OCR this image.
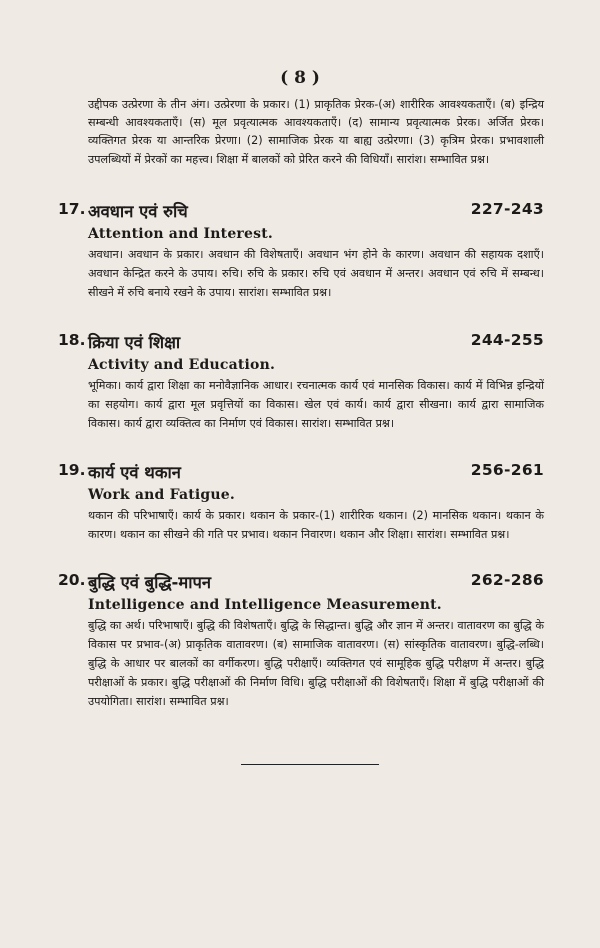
( 8 )
उद्दीपक उत्प्रेरणा के तीन अंग। उत्प्रेरणा के प्रकार। (1) प्राकृतिक प्रेरक-(अ) शारीरिक आवश्यकताएँ। (ब) इन्द्रिय सम्बन्धी आवश्यकताएँ। (स) मूल प्रवृत्यात्मक आवश्यकताएँ। (द) सामान्य प्रवृत्यात्मक प्रेरक। अर्जित प्रेरक। व्यक्तिगत प्रेरक या आन्तरिक प्रेरणा। (2) सामाजिक प्रेरक या बाह्य उत्प्रेरणा। (3) कृत्रिम प्रेरक। प्रभावशाली उपलब्धियों में प्रेरकों का महत्त्व। शिक्षा में बालकों को प्रेरित करने की विधियाँ। सारांश। सम्भावित प्रश्न।
17. अवधान एवं रुचि	227-243
Attention and Interest.
अवधान। अवधान के प्रकार। अवधान की विशेषताएँ। अवधान भंग होने के कारण। अवधान की सहायक दशाएँ। अवधान केन्द्रित करने के उपाय। रुचि। रुचि के प्रकार। रुचि एवं अवधान में अन्तर। अवधान एवं रुचि में सम्बन्ध। सीखने में रुचि बनाये रखने के उपाय। सारांश। सम्भावित प्रश्न।
18. क्रिया एवं शिक्षा	244-255
Activity and Education.
भूमिका। कार्य द्वारा शिक्षा का मनोवैज्ञानिक आधार। रचनात्मक कार्य एवं मानसिक विकास। कार्य में विभिन्न इन्द्रियों का सहयोग। कार्य द्वारा मूल प्रवृत्तियों का विकास। खेल एवं कार्य। कार्य द्वारा सीखना। कार्य द्वारा सामाजिक विकास। कार्य द्वारा व्यक्तित्व का निर्माण एवं विकास। सारांश। सम्भावित प्रश्न।
19. कार्य एवं थकान	256-261
Work and Fatigue.
थकान की परिभाषाएँ। कार्य के प्रकार। थकान के प्रकार-(1) शारीरिक थकान। (2) मानसिक थकान। थकान के कारण। थकान का सीखने की गति पर प्रभाव। थकान निवारण। थकान और शिक्षा। सारांश। सम्भावित प्रश्न।
20. बुद्धि एवं बुद्धि-मापन	262-286
Intelligence and Intelligence Measurement.
बुद्धि का अर्थ। परिभाषाएँ। बुद्धि की विशेषताएँ। बुद्धि के सिद्धान्त। बुद्धि और ज्ञान में अन्तर। वातावरण का बुद्धि के विकास पर प्रभाव-(अ) प्राकृतिक वातावरण। (ब) सामाजिक वातावरण। (स) सांस्कृतिक वातावरण। बुद्धि-लब्धि। बुद्धि के आधार पर बालकों का वर्गीकरण। बुद्धि परीक्षाएँ। व्यक्तिगत एवं सामूहिक बुद्धि परीक्षण में अन्तर। बुद्धि परीक्षाओं के प्रकार। बुद्धि परीक्षाओं की निर्माण विधि। बुद्धि परीक्षाओं की विशेषताएँ। शिक्षा में बुद्धि परीक्षाओं की उपयोगिता। सारांश। सम्भावित प्रश्न।
